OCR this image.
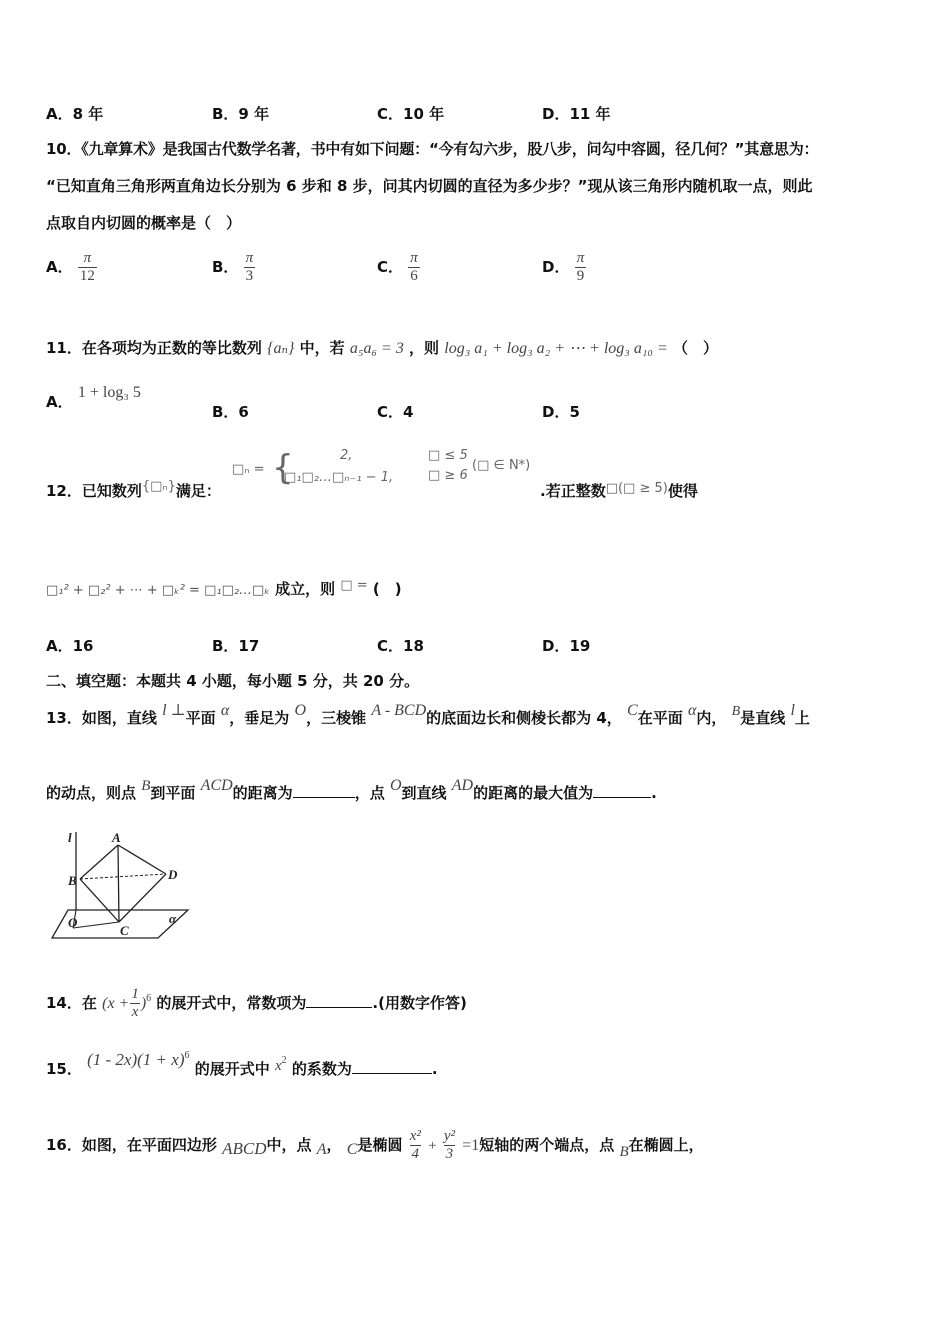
A．8 年	B．9 年	C．10 年	D．11 年
10．《九章算术》是我国古代数学名著，书中有如下问题：“今有勾六步，股八步，问勾中容圆，径几何？”其意思为：
“已知直角三角形两直角边长分别为 6 步和 8 步，问其内切圆的直径为多少步？”现从该三角形内随机取一点，则此
点取自内切圆的概率是（　）
A． $\frac{\pi}{12}$	B． $\frac{\pi}{3}$	C． $\frac{\pi}{6}$	D． $\frac{\pi}{9}$
11．在各项均为正数的等比数列 {aₙ} 中，若 a₅a₆ = 3 ，则 log₃ a₁ + log₃ a₂ + ⋯ + log₃ a₁₀ = （　）
A． 1 + log₃ 5
B．6	C．4	D．5
12．已知数列{□ₙ}满足：
□ₙ = {	2,
□₁□₂…□ₙ₋₁ − 1,
□ ≤ 5
□ ≥ 6
(□ ∈ N*)
.若正整数□(□ ≥ 5)使得
□₁² + □₂² + ⋯ + □ₖ² = □₁□₂…□ₖ 成立，则 □ = (　)
A．16	B．17	C．18	D．19
二、填空题：本题共 4 小题，每小题 5 分，共 20 分。
13．如图，直线 l ⊥平面 α，垂足为 O，三棱锥 A - BCD的底面边长和侧棱长都为 4， C在平面 α内， B是直线 l上
的动点，则点 B到平面 ACD的距离为	，点 O到直线 AD的距离的最大值为	.
l	A
B	D
O
C
α
14．在 $(x + \frac{1}{x} )^6$ 的展开式中，常数项为	.(用数字作答)
15． $(1 - 2x)(1 + x)^6$ 的展开式中 $x^2$ 的系数为	.
16．如图，在平面四边形 ABCD中，点 A， C是椭圆 $\frac{\text{x²}}{4} + \frac{\text{y²}}{3} =1$短轴的两个端点，点 B在椭圆上，
